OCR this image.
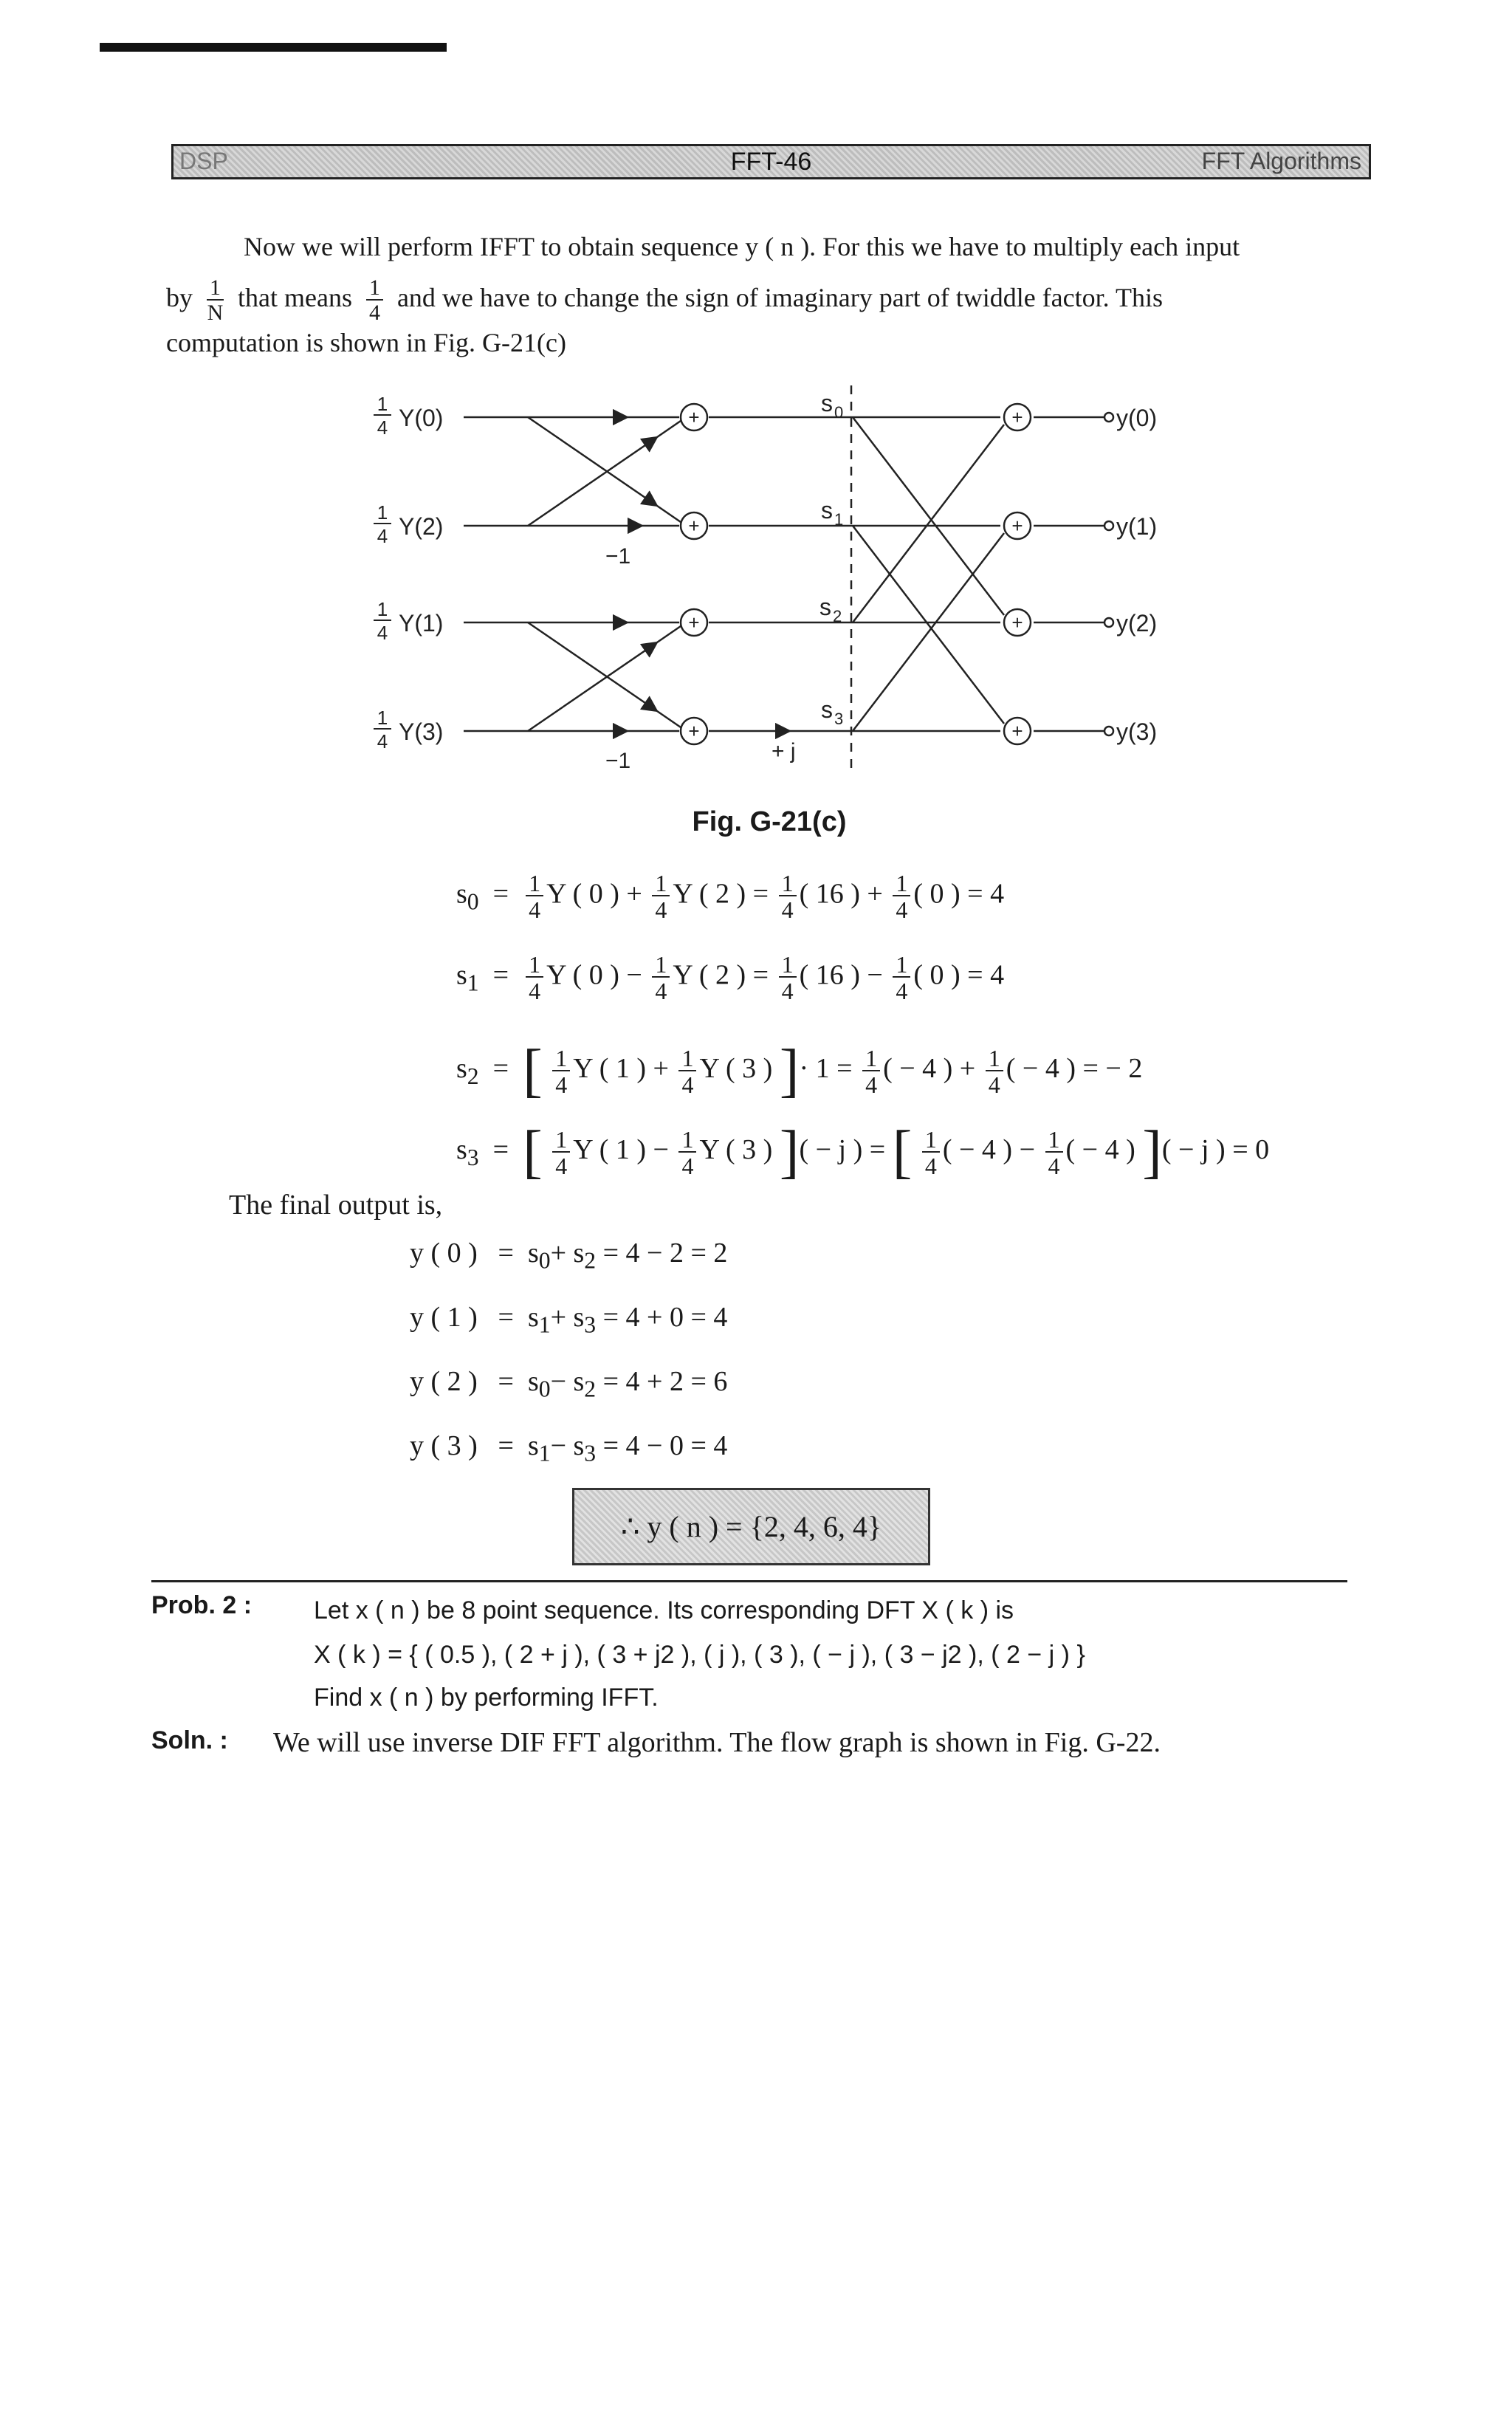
DSP	FFT-46	FFT Algorithms

Now we will perform IFFT to obtain sequence y ( n ). For this we have to multiply each input

by $\frac{1}{N}$ that means $\frac{1}{4}$ and we have to change the sign of imaginary part of twiddle factor. This

computation is shown in Fig. G-21(c)

+
+
+
+
+
+
+
+
1
4 Y(0)
1
4 Y(2)
1
4 Y(1)
1
4 Y(3)
y(0)
y(1)
y(2)
y(3)
−1
−1	+ j
s 0
s 1
s 2
s 3
Fig. G-21(c)
$s_0 = \frac{1}{4}$ Y ( 0 ) + $\frac{1}{4}$ Y ( 2 ) = $\frac{1}{4}$ ( 16 ) + $\frac{1}{4}$ ( 0 ) = 4
$s_1 = \frac{1}{4}$ Y ( 0 ) − $\frac{1}{4}$ Y ( 2 ) = $\frac{1}{4}$ ( 16 ) − $\frac{1}{4}$ ( 0 ) = 4
$s_2$ = [ $\frac{1}{4}$ Y ( 1 ) + $\frac{1}{4}$ Y ( 3 ) ]· $1 = \frac{1}{4}$ ( − 4 ) + $\frac{1}{4}$ ( − 4 ) = − 2
$s_3$ = [ $\frac{1}{4}$ Y ( 1 ) − $\frac{1}{4}$ Y ( 3 ) ]( − j ) = [ $\frac{1}{4}$ ( − 4 ) − $\frac{1}{4}$ ( − 4 ) ]( − j ) = 0
The final output is,
y ( 0 ) =  $s_0+ s_2 = 4 - 2 = 2$
y ( 1 ) =  $s_1+ s_3 = 4 + 0 = 4$
y ( 2 ) =  $s_0- s_2 = 4 + 2 = 6$
y ( 3 ) =  $s_1- s_3 = 4 - 0 = 4$
∴ y ( n ) = {2, 4, 6, 4}
Prob. 2 : Let x ( n ) be 8 point sequence. Its corresponding DFT X ( k ) is
X ( k ) = { ( 0.5 ), ( 2 + j ), ( 3 + j2 ), ( j ), ( 3 ), ( − j ), ( 3 − j2 ), ( 2 − j ) }
Find x ( n ) by performing IFFT.
Soln. : We will use inverse DIF FFT algorithm. The flow graph is shown in Fig. G-22.
